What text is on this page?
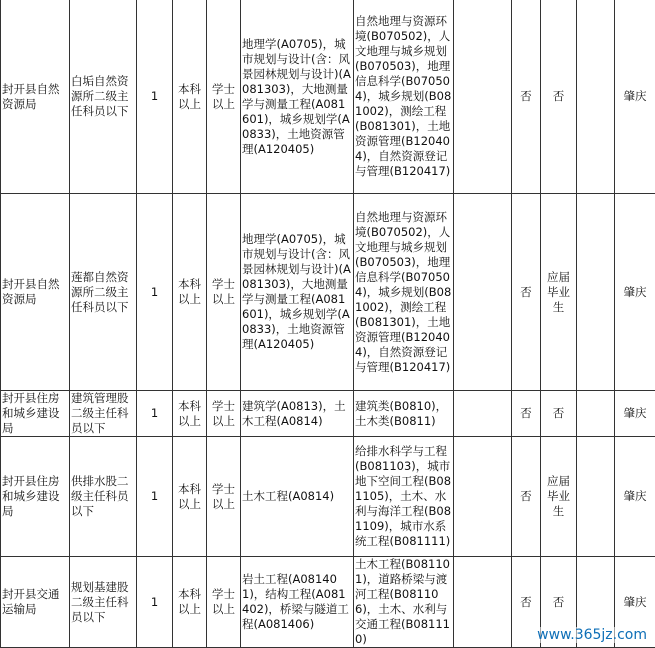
封开县自然资源局	白垢自然资源所二级主任科员以下	1	本科以上	学士以上	地理学(A0705)，城市规划与设计(含：风景园林规划与设计)(A081303)，大地测量学与测量工程(A081601)，城乡规划学(A0833)，土地资源管理(A120405)	自然地理与资源环境(B070502)，人文地理与城乡规划(B070503)，地理信息科学(B070504)，城乡规划(B081002)，测绘工程(B081301)，土地资源管理(B120404)，自然资源登记与管理(B120417)		否	否		肇庆
封开县自然资源局	莲都自然资源所二级主任科员以下	1	本科以上	学士以上	地理学(A0705)，城市规划与设计(含：风景园林规划与设计)(A081303)，大地测量学与测量工程(A081601)，城乡规划学(A0833)，土地资源管理(A120405)	自然地理与资源环境(B070502)，人文地理与城乡规划(B070503)，地理信息科学(B070504)，城乡规划(B081002)，测绘工程(B081301)，土地资源管理(B120404)，自然资源登记与管理(B120417)		否	应届毕业生		肇庆
封开县住房和城乡建设局	建筑管理股二级主任科员以下	1	本科以上	学士以上	建筑学(A0813)，土木工程(A0814)	建筑类(B0810)，土木类(B0811)		否	否		肇庆
封开县住房和城乡建设局	供排水股二级主任科员以下	1	本科以上	学士以上	土木工程(A0814)	给排水科学与工程(B081103)，城市地下空间工程(B081105)，土木、水利与海洋工程(B081109)，城市水系统工程(B081111)		否	应届毕业生		肇庆
封开县交通运输局	规划基建股二级主任科员以下	1	本科以上	学士以上	岩土工程(A081401)，结构工程(A081402)，桥梁与隧道工程(A081406)	土木工程(B081101)，道路桥梁与渡河工程(B081106)，土木、水利与交通工程(B081110)		否	否		肇庆
www.365jz.com
